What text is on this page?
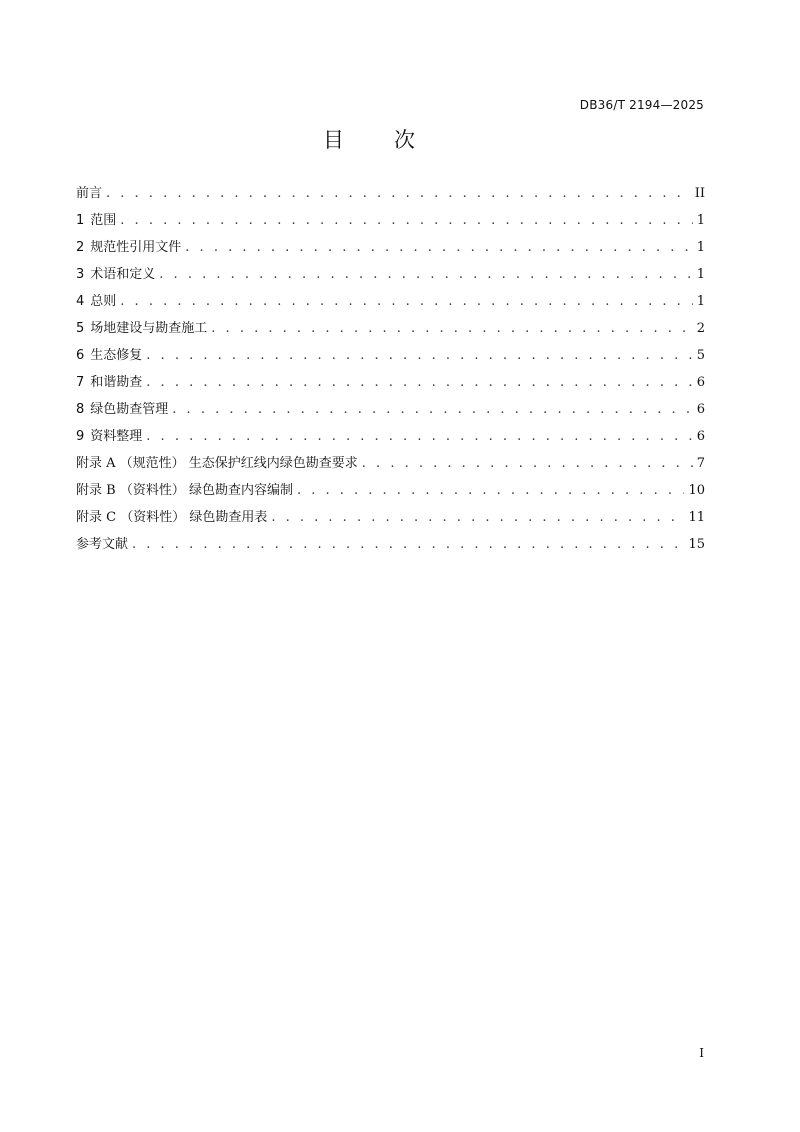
DB36/T 2194—2025
目 次
前言 . . .	II
1 范围 . . .	1
2 规范性引用文件 . . .	1
3 术语和定义 . . .	1
4 总则 . . .	1
5 场地建设与勘查施工 . . .	2
6 生态修复 . . .	5
7 和谐勘查 . . .	6
8 绿色勘查管理 . . .	6
9 资料整理 . . .	6
附录 A （规范性） 生态保护红线内绿色勘查要求 . . .	7
附录 B （资料性） 绿色勘查内容编制 . . .	10
附录 C （资料性） 绿色勘查用表 . . .	11
参考文献 . . .	15
I
